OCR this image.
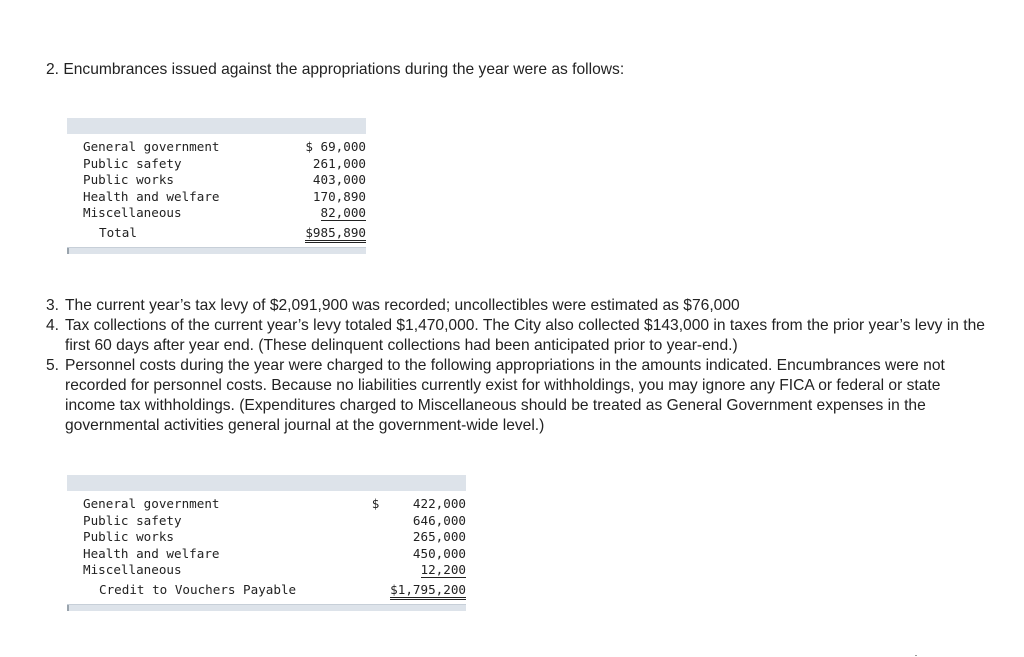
2. Encumbrances issued against the appropriations during the year were as follows:

General government	$ 69,000
Public safety	261,000
Public works	403,000
Health and welfare	170,890
Miscellaneous	82,000
Total	$985,890
3. The current year’s tax levy of $2,091,900 was recorded; uncollectibles were estimated as $76,000
4. Tax collections of the current year’s levy totaled $1,470,000. The City also collected $143,000 in taxes from the prior year’s levy in the first 60 days after year end. (These delinquent collections had been anticipated prior to year-end.)
5. Personnel costs during the year were charged to the following appropriations in the amounts indicated. Encumbrances were not recorded for personnel costs. Because no liabilities currently exist for withholdings, you may ignore any FICA or federal or state income tax withholdings. (Expenditures charged to Miscellaneous should be treated as General Government expenses in the governmental activities general journal at the government-wide level.)
General government	$	422,000
Public safety		646,000
Public works		265,000
Health and welfare		450,000
Miscellaneous		12,200
Credit to Vouchers Payable	$1,795,200	
